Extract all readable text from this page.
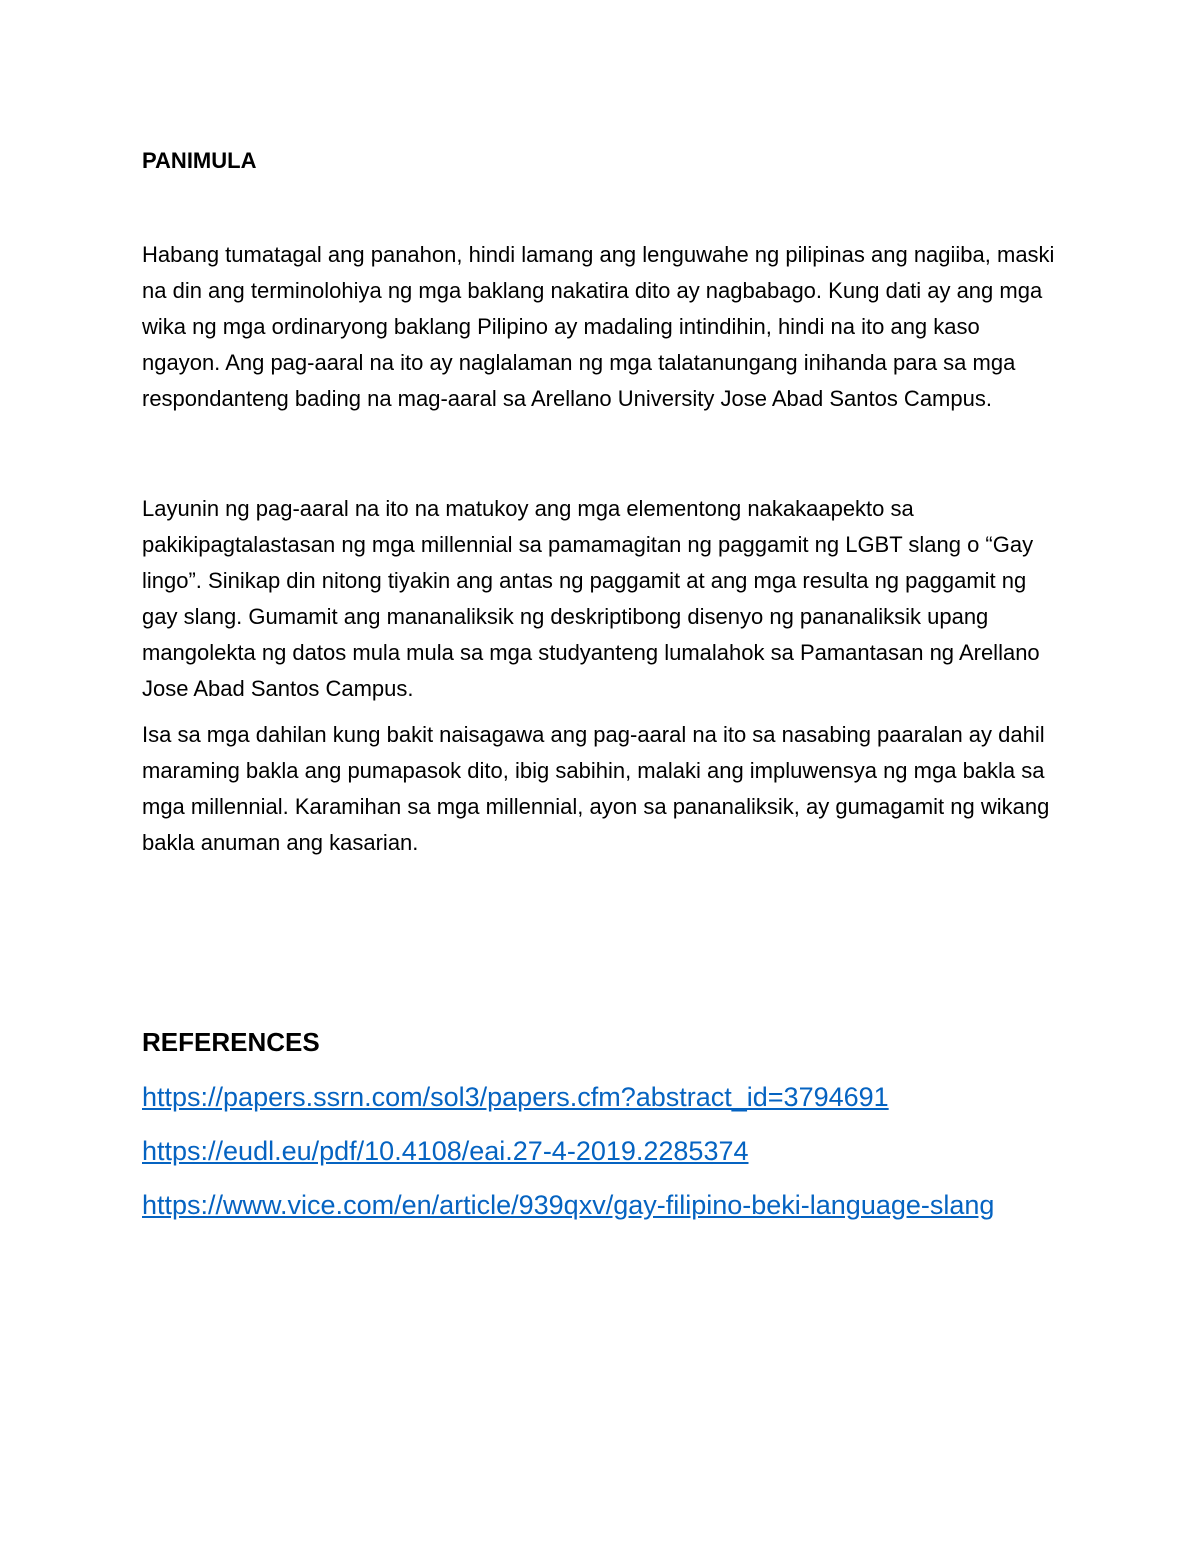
PANIMULA

Habang tumatagal ang panahon, hindi lamang ang lenguwahe ng pilipinas ang nagiiba, maski na din ang terminolohiya ng mga baklang nakatira dito ay nagbabago. Kung dati ay ang mga wika ng mga ordinaryong baklang Pilipino ay madaling intindihin, hindi na ito ang kaso ngayon. Ang pag-aaral na ito ay naglalaman ng mga talatanungang inihanda para sa mga respondanteng bading na mag-aaral sa Arellano University Jose Abad Santos Campus.

Layunin ng pag-aaral na ito na matukoy ang mga elementong nakakaapekto sa pakikipagtalastasan ng mga millennial sa pamamagitan ng paggamit ng LGBT slang o “Gay lingo”. Sinikap din nitong tiyakin ang antas ng paggamit at ang mga resulta ng paggamit ng gay slang. Gumamit ang mananaliksik ng deskriptibong disenyo ng pananaliksik upang mangolekta ng datos mula mula sa mga studyanteng lumalahok sa Pamantasan ng Arellano Jose Abad Santos Campus.

Isa sa mga dahilan kung bakit naisagawa ang pag-aaral na ito sa nasabing paaralan ay dahil maraming bakla ang pumapasok dito, ibig sabihin, malaki ang impluwensya ng mga bakla sa mga millennial. Karamihan sa mga millennial, ayon sa pananaliksik, ay gumagamit ng wikang bakla anuman ang kasarian.

REFERENCES
https://papers.ssrn.com/sol3/papers.cfm?abstract_id=3794691
https://eudl.eu/pdf/10.4108/eai.27-4-2019.2285374
https://www.vice.com/en/article/939qxv/gay-filipino-beki-language-slang
